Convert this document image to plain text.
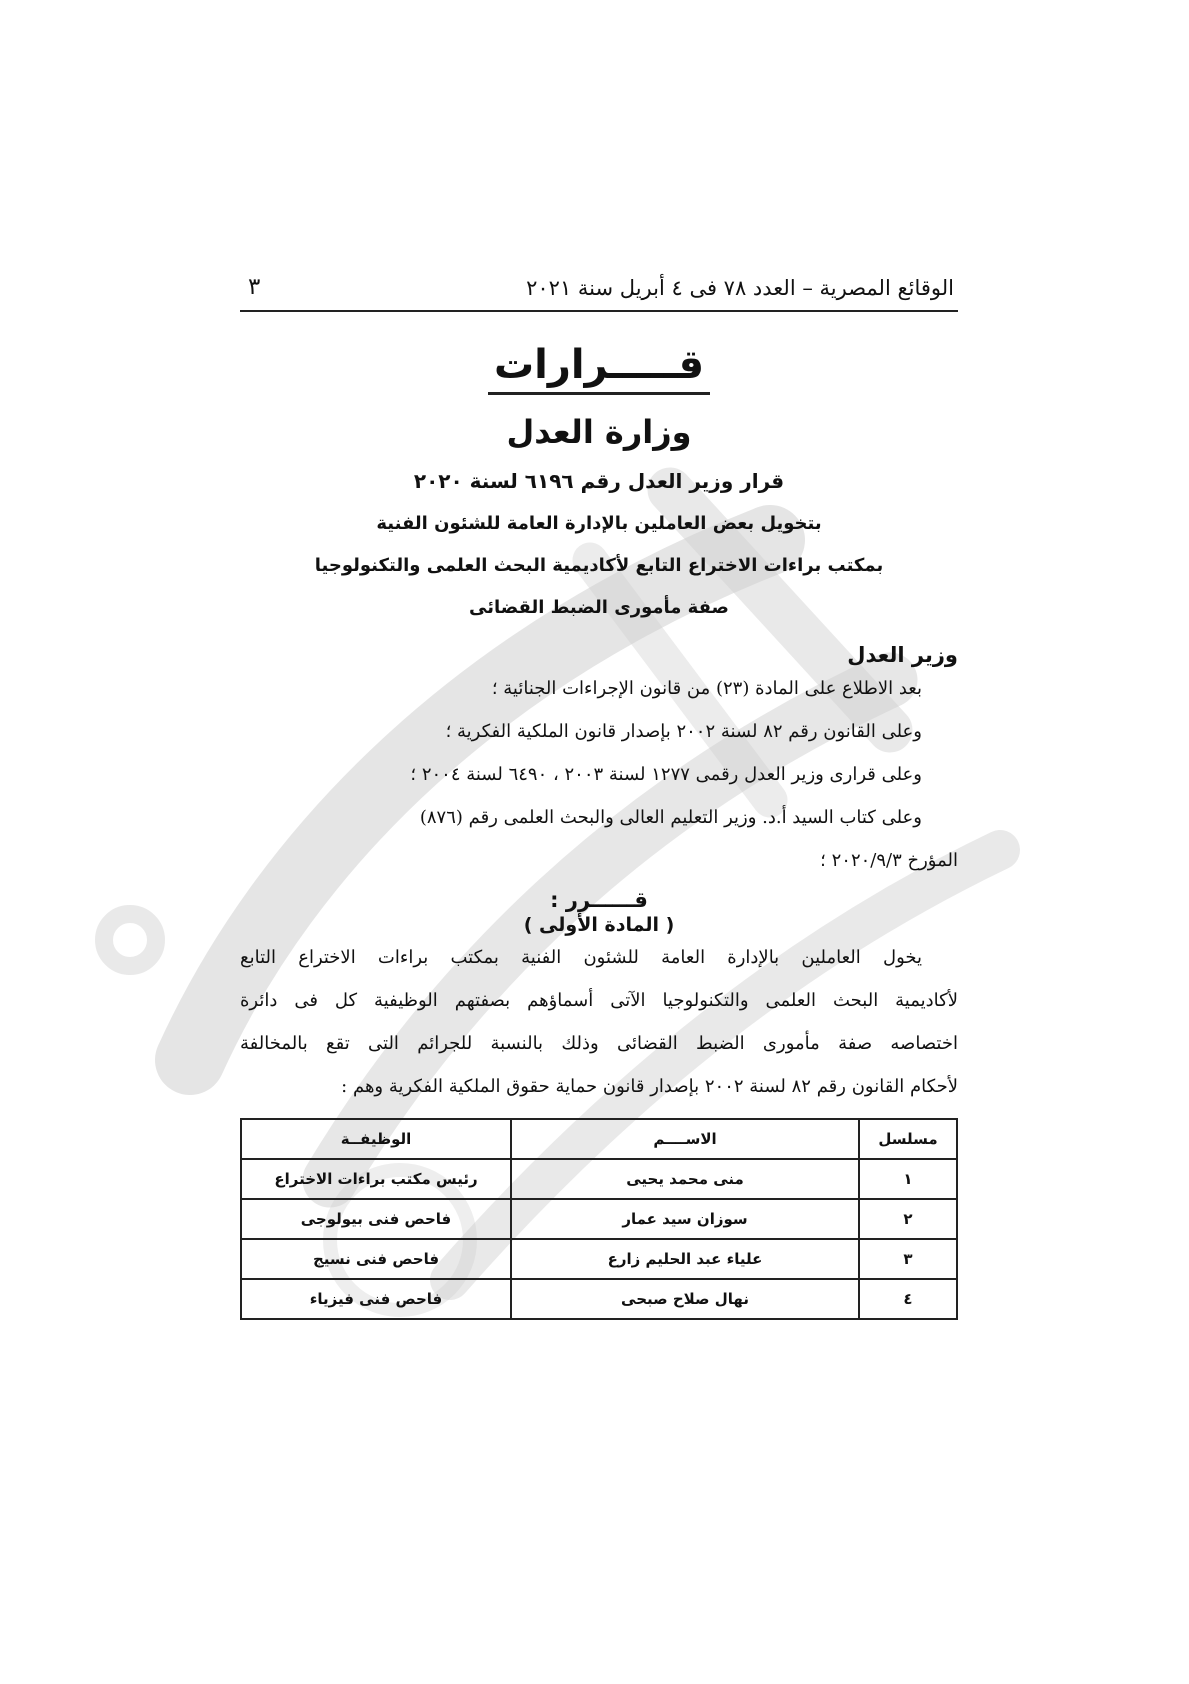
الوقائع المصرية – العدد ٧٨ فى ٤ أبريل سنة ٢٠٢١
٣
قـــــرارات
وزارة العدل
قرار وزير العدل رقم ٦١٩٦ لسنة ٢٠٢٠
بتخويل بعض العاملين بالإدارة العامة للشئون الفنية
بمكتب براءات الاختراع التابع لأكاديمية البحث العلمى والتكنولوجيا
صفة مأمورى الضبط القضائى
وزير العدل

بعد الاطلاع على المادة (٢٣) من قانون الإجراءات الجنائية ؛

وعلى القانون رقم ٨٢ لسنة ٢٠٠٢ بإصدار قانون الملكية الفكرية ؛

وعلى قرارى وزير العدل رقمى ١٢٧٧ لسنة ٢٠٠٣ ، ٦٤٩٠ لسنة ٢٠٠٤ ؛

وعلى كتاب السيد أ.د. وزير التعليم العالى والبحث العلمى رقم (٨٧٦)

المؤرخ ٢٠٢٠/٩/٣ ؛

قــــــرر :
( المادة الأولى )
يخول العاملين بالإدارة العامة للشئون الفنية بمكتب براءات الاختراع التابع
لأكاديمية البحث العلمى والتكنولوجيا الآتى أسماؤهم بصفتهم الوظيفية كل فى دائرة
اختصاصه صفة مأمورى الضبط القضائى وذلك بالنسبة للجرائم التى تقع بالمخالفة
لأحكام القانون رقم ٨٢ لسنة ٢٠٠٢ بإصدار قانون حماية حقوق الملكية الفكرية وهم :
مسلسل	الاســــم	الوظيفــة
١	منى محمد يحيى	رئيس مكتب براءات الاختراع
٢	سوزان سيد عمار	فاحص فنى بيولوجى
٣	علياء عبد الحليم زارع	فاحص فنى نسيج
٤	نهال صلاح صبحى	فاحص فنى فيزياء
